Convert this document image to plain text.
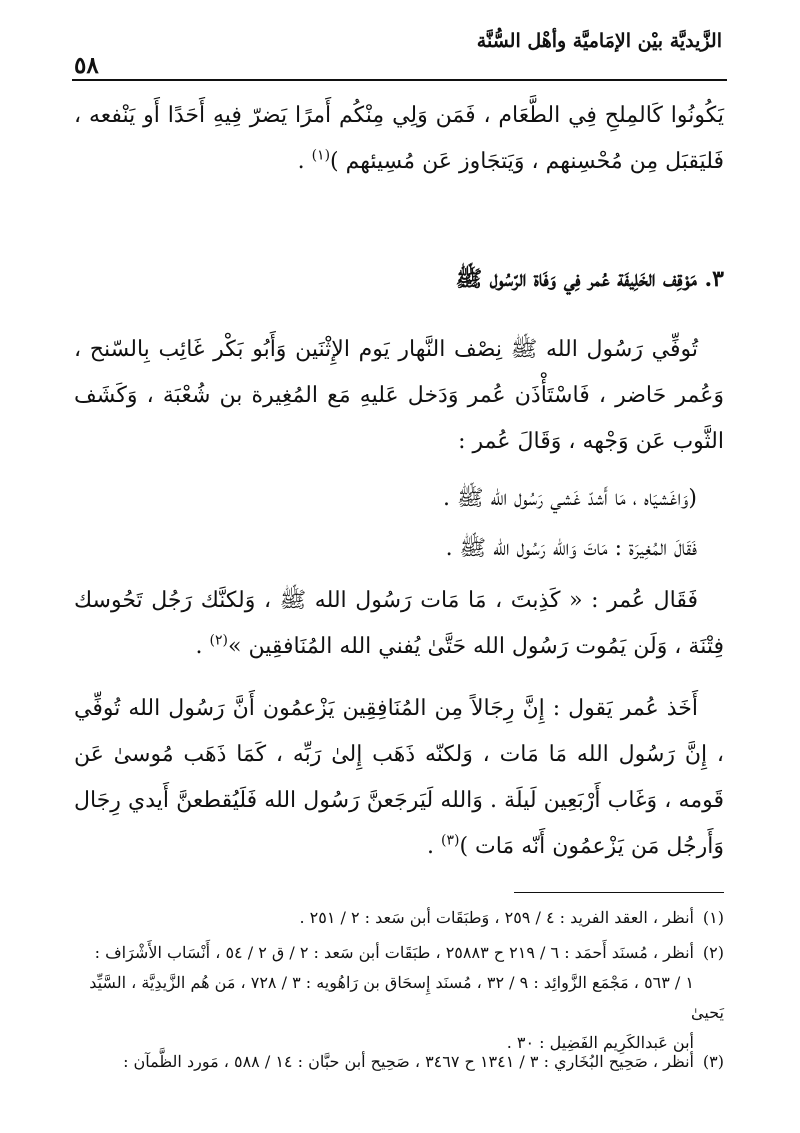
الزَّيديَّة بيْن الإمَاميَّة وأهْل السُّنَّة
٥٨

يَكُونُوا كَالمِلحِ فِي الطَّعَام ، فَمَن وَلِي مِنْكُم أَمرًا يَضرّ فِيهِ أَحَدًا أَو يَنْفعه ، فَليَقبَل مِن مُحْسِنهم ، وَيَتجَاوز عَن مُسِيئهم )$^{(١)}$ .

٣. مَوْقِف الخَلِيفَة عُمر فِي وَفَاة الرّسُول ﷺ

تُوفِّي رَسُول الله ﷺ نِصْف النَّهار يَوم الإِثْنَين وَأَبُو بَكْر غَائِب بِالسّنح ، وَعُمر حَاضر ، فَاسْتَأْذَن عُمر وَدَخل عَليهِ مَع المُغِيرة بن شُعْبَة ، وَكَشَف الثَّوب عَن وَجْهه ، وَقَالَ عُمر :

(وَاغَشيَاه ، مَا أَشدّ غَشي رَسُول الله ﷺ .

فَقَالَ المُغِيرَة : مَاتَ وَالله رَسُول الله ﷺ .

فَقَال عُمر : « كَذِبتَ ، مَا مَات رَسُول الله ﷺ ، وَلكنَّك رَجُل تَحُوسك فِتْنَة ، وَلَن يَمُوت رَسُول الله حَتَّىٰ يُفني الله المُنَافقِين »$^{(٢)}$ .

أَخَذ عُمر يَقول : إِنَّ رِجَالاً مِن المُنَافِقِين يَزْعمُون أَنَّ رَسُول الله تُوفِّي ، إِنَّ رَسُول الله مَا مَات ، وَلكنّه ذَهَب إِلىٰ رَبِّه ، كَمَا ذَهَب مُوسىٰ عَن قَومه ، وَغَاب أَرْبَعِين لَيلَة . وَالله لَيَرجَعنَّ رَسُول الله فَلَيُقطعنَّ أَيدي رِجَال وَأَرجُل مَن يَزْعمُون أَنّه مَات )$^{(٣)}$ .

(١)أنظر ، العقد الفريد : ٤ / ٢٥٩ ، وَطبَقَات أبن سَعد : ٢ / ٢٥١ .

(٢)أنظر ، مُسنَد أَحمَد : ٦ / ٢١٩ ح ٢٥٨٨٣ ، طبَقَات أبن سَعد : ٢ / ق ٢ / ٥٤ ، أَنْسَاب الأَشْرَاف :
١ / ٥٦٣ ، مَجْمَع الزَّوائِد : ٩ / ٣٢ ، مُسنَد إِسحَاق بن رَاهُويه : ٣ / ٧٢٨ ، مَن هُم الزَّيدِيَّة ، السَّيِّد يَحيىٰ
أبن عَبدالكَرِيم الفَضِيل : ٣٠ .

(٣)أنظر ، صَحِيح البُخَاري : ٣ / ١٣٤١ ح ٣٤٦٧ ، صَحِيح أبن حبَّان : ١٤ / ٥٨٨ ، مَورد الظَّمآن :
